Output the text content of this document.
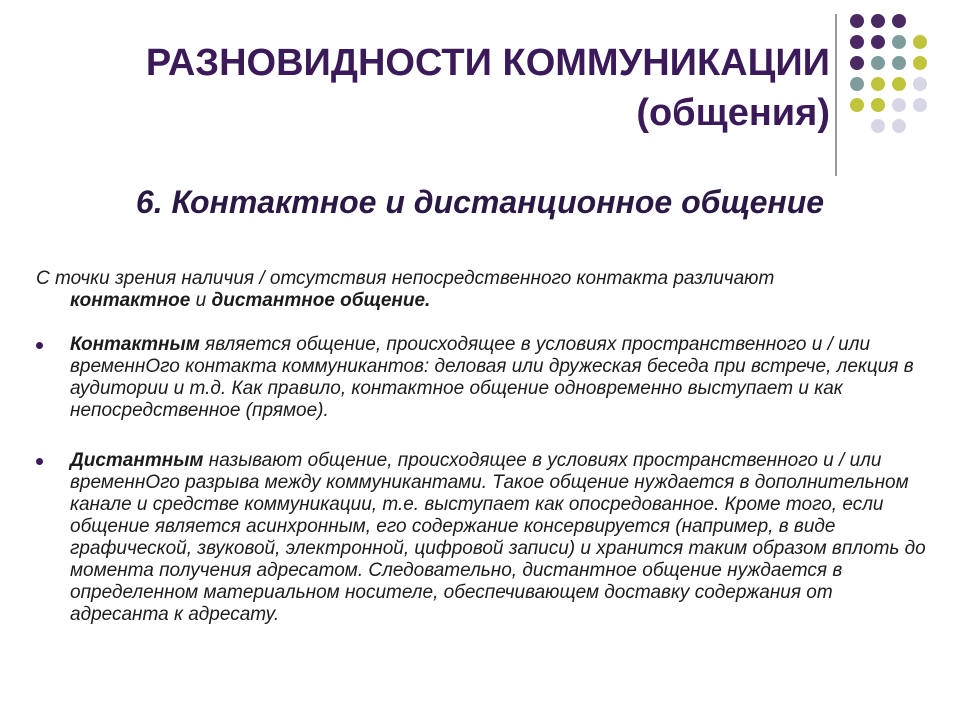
РАЗНОВИДНОСТИ КОММУНИКАЦИИ
(общения)
6. Контактное и дистанционное общение

С точки зрения наличия / отсутствия непосредственного контакта различают
контактное и дистантное общение.

Контактным является общение, происходящее в условиях пространственного и / или временнОго контакта коммуникантов: деловая или дружеская беседа при встрече, лекция в аудитории и т.д. Как правило, контактное общение одновременно выступает и как непосредственное (прямое).
Дистантным называют общение, происходящее в условиях пространственного и / или временнОго разрыва между коммуникантами. Такое общение нуждается в дополнительном канале и средстве коммуникации, т.е. выступает как опосредованное. Кроме того, если общение является асинхронным, его содержание консервируется (например, в виде графической, звуковой, электронной, цифровой записи) и хранится таким образом вплоть до момента получения адресатом. Следовательно, дистантное общение нуждается в определенном материальном носителе, обеспечивающем доставку содержания от адресанта к адресату.
